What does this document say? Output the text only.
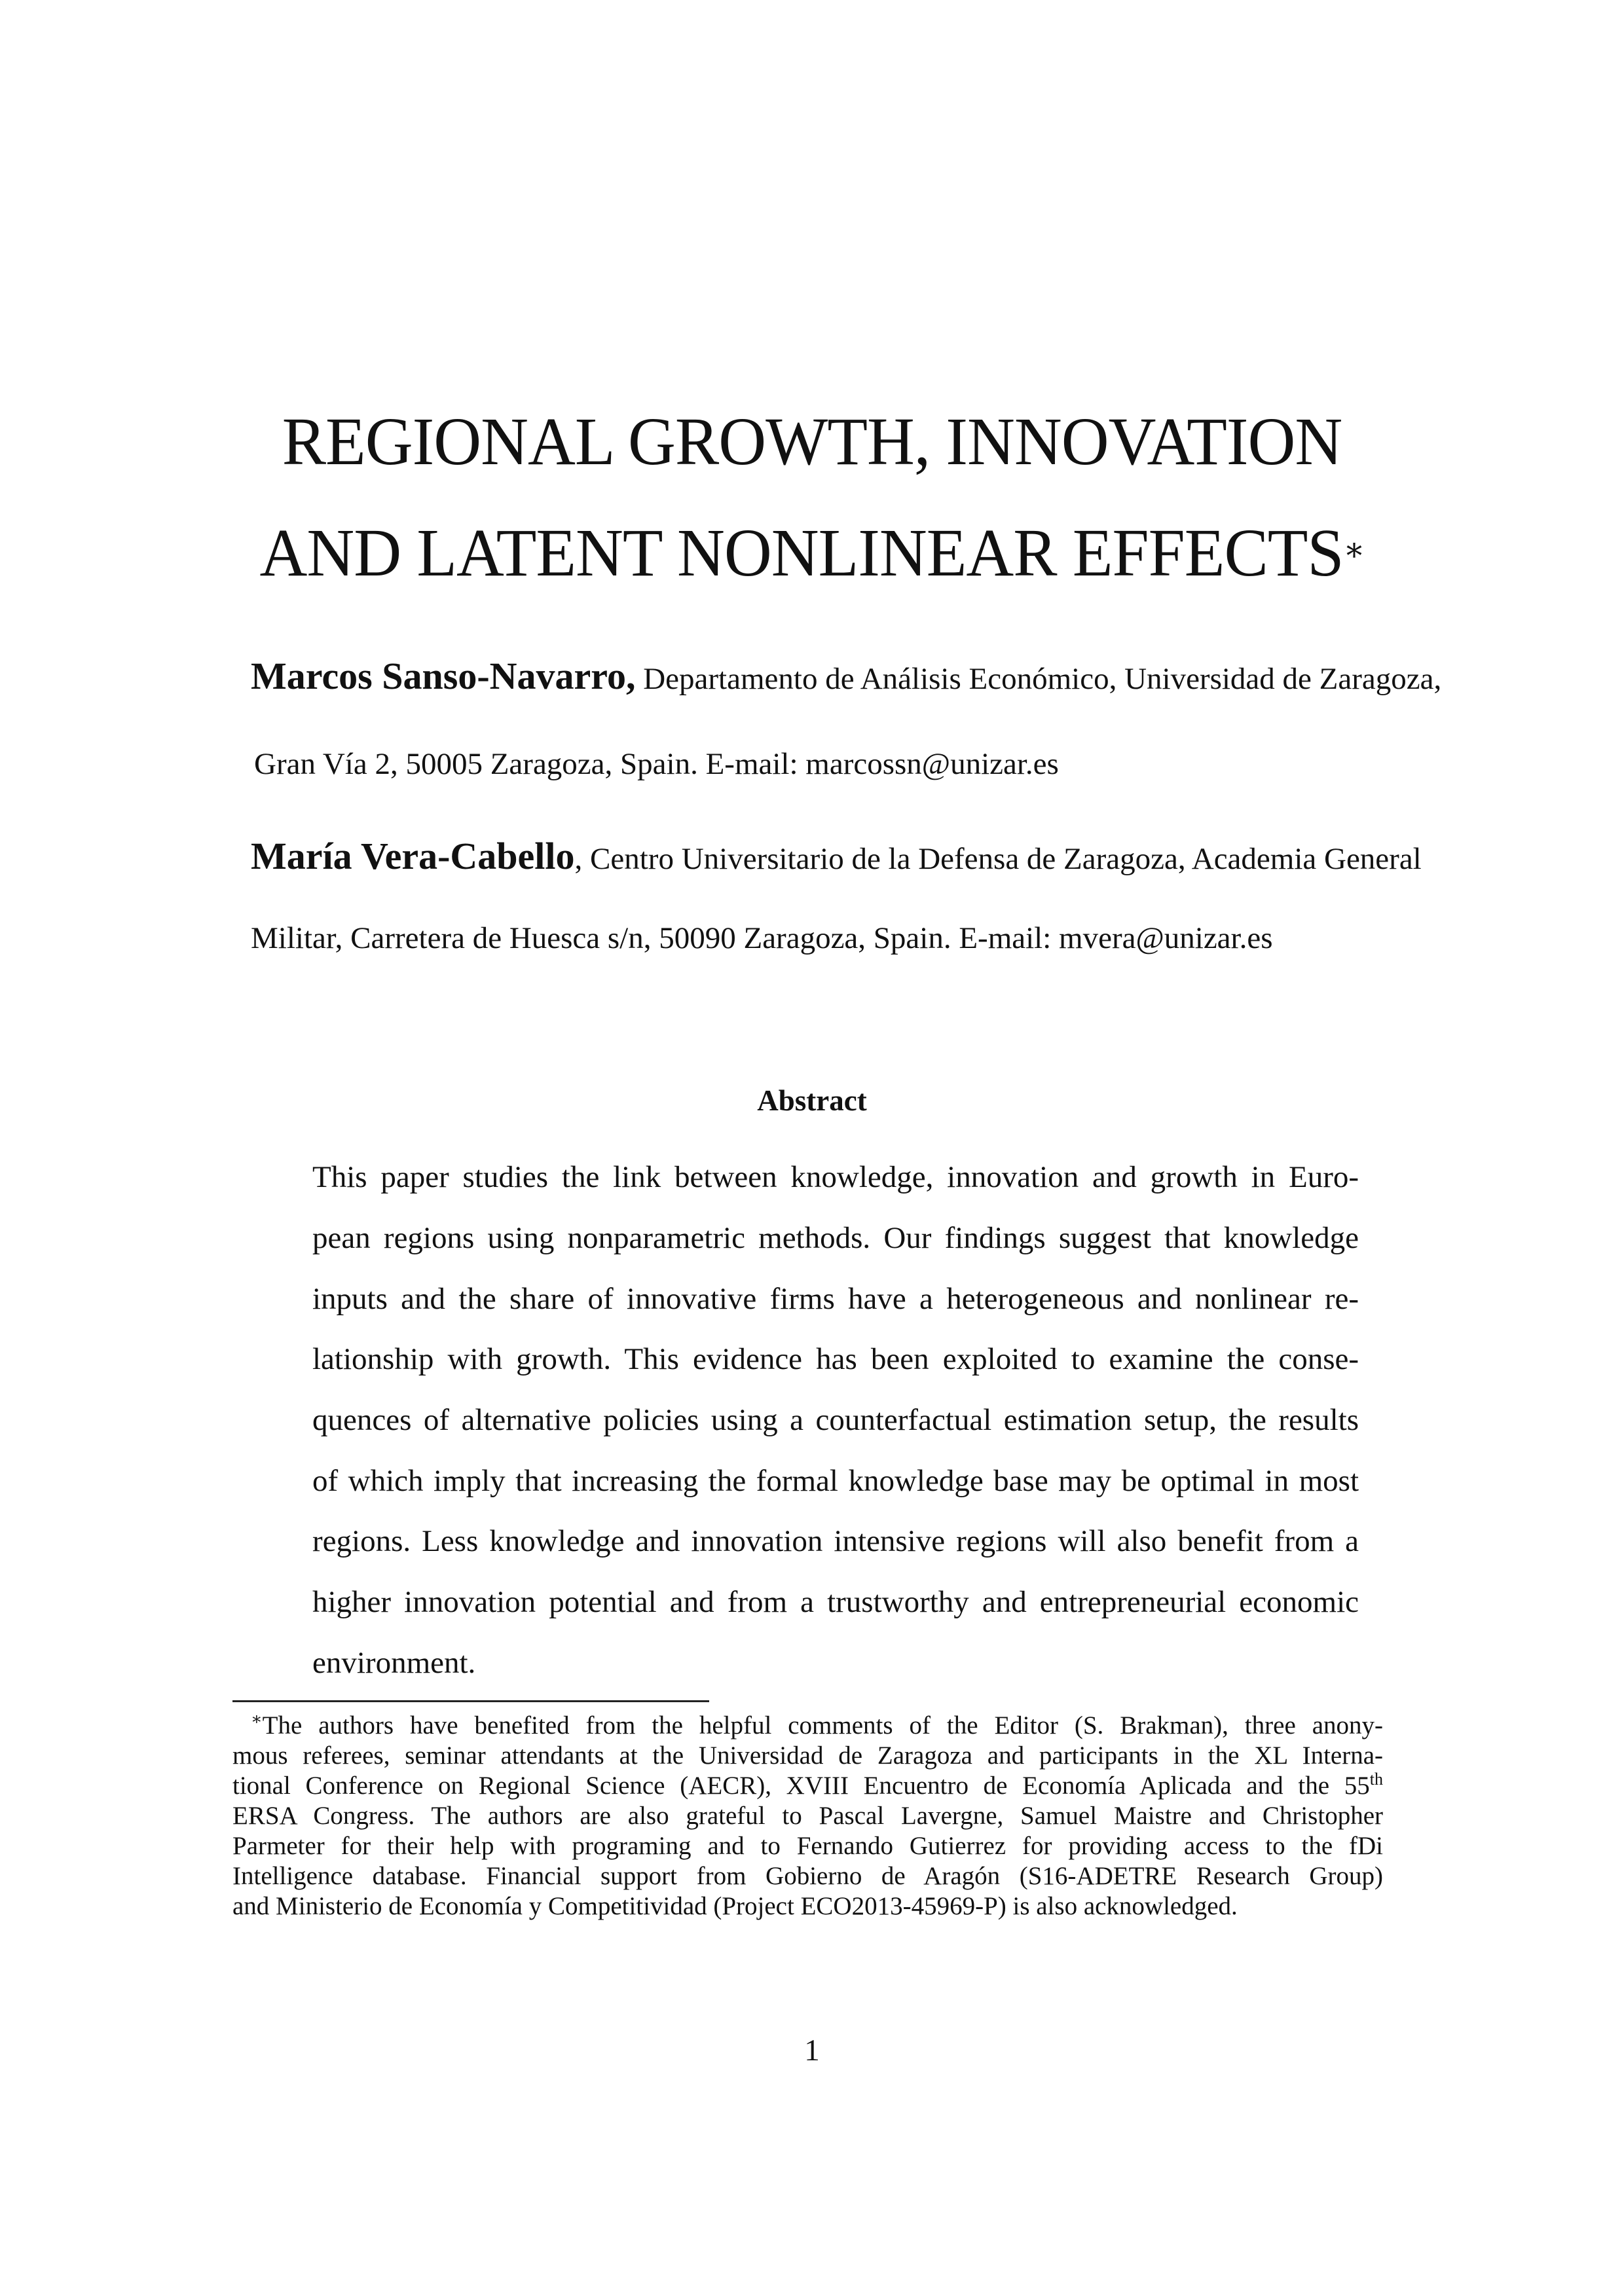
REGIONAL GROWTH, INNOVATION
AND LATENT NONLINEAR EFFECTS∗
Marcos Sanso-Navarro, Departamento de Análisis Económico, Universidad de Zaragoza,
Gran Vía 2, 50005 Zaragoza, Spain. E-mail: marcossn@unizar.es
María Vera-Cabello, Centro Universitario de la Defensa de Zaragoza, Academia General
Militar, Carretera de Huesca s/n, 50090 Zaragoza, Spain. E-mail: mvera@unizar.es
Abstract
This paper studies the link between knowledge, innovation and growth in Euro-
pean regions using nonparametric methods. Our findings suggest that knowledge
inputs and the share of innovative firms have a heterogeneous and nonlinear re-
lationship with growth. This evidence has been exploited to examine the conse-
quences of alternative policies using a counterfactual estimation setup, the results
of which imply that increasing the formal knowledge base may be optimal in most
regions. Less knowledge and innovation intensive regions will also benefit from a
higher innovation potential and from a trustworthy and entrepreneurial economic
environment.
∗The authors have benefited from the helpful comments of the Editor (S. Brakman), three anony-
mous referees, seminar attendants at the Universidad de Zaragoza and participants in the XL Interna-
tional Conference on Regional Science (AECR), XVIII Encuentro de Economía Aplicada and the 55th
ERSA Congress. The authors are also grateful to Pascal Lavergne, Samuel Maistre and Christopher
Parmeter for their help with programing and to Fernando Gutierrez for providing access to the fDi
Intelligence database. Financial support from Gobierno de Aragón (S16-ADETRE Research Group)
and Ministerio de Economía y Competitividad (Project ECO2013-45969-P) is also acknowledged.
1
